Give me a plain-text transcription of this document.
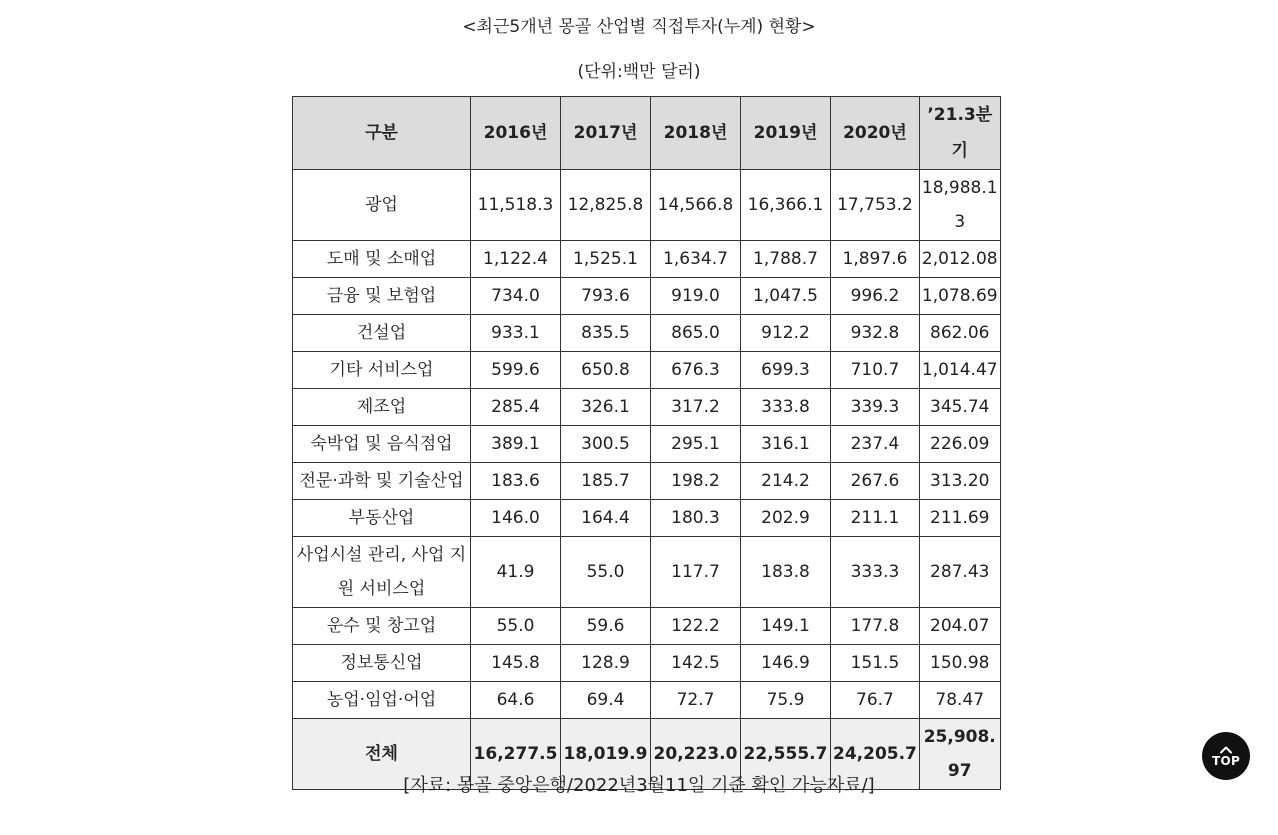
<최근5개년 몽골 산업별 직접투자(누계) 현황>
(단위:백만 달러)
구분	2016년	2017년	2018년	2019년	2020년	’21.3분기
광업	11,518.3	12,825.8	14,566.8	16,366.1	17,753.2	18,988.13
도매 및 소매업	1,122.4	1,525.1	1,634.7	1,788.7	1,897.6	2,012.08
금융 및 보험업	734.0	793.6	919.0	1,047.5	996.2	1,078.69
건설업	933.1	835.5	865.0	912.2	932.8	862.06
기타 서비스업	599.6	650.8	676.3	699.3	710.7	1,014.47
제조업	285.4	326.1	317.2	333.8	339.3	345.74
숙박업 및 음식점업	389.1	300.5	295.1	316.1	237.4	226.09
전문·과학 및 기술산업	183.6	185.7	198.2	214.2	267.6	313.20
부동산업	146.0	164.4	180.3	202.9	211.1	211.69
사업시설 관리, 사업 지원 서비스업	41.9	55.0	117.7	183.8	333.3	287.43
운수 및 창고업	55.0	59.6	122.2	149.1	177.8	204.07
정보통신업	145.8	128.9	142.5	146.9	151.5	150.98
농업·임업·어업	64.6	69.4	72.7	75.9	76.7	78.47
전체	16,277.5	18,019.9	20,223.0	22,555.7	24,205.7	25,908.97
[자료: 몽골 중앙은행/2022년3월11일 기준 확인 가능자료/]
TOP
